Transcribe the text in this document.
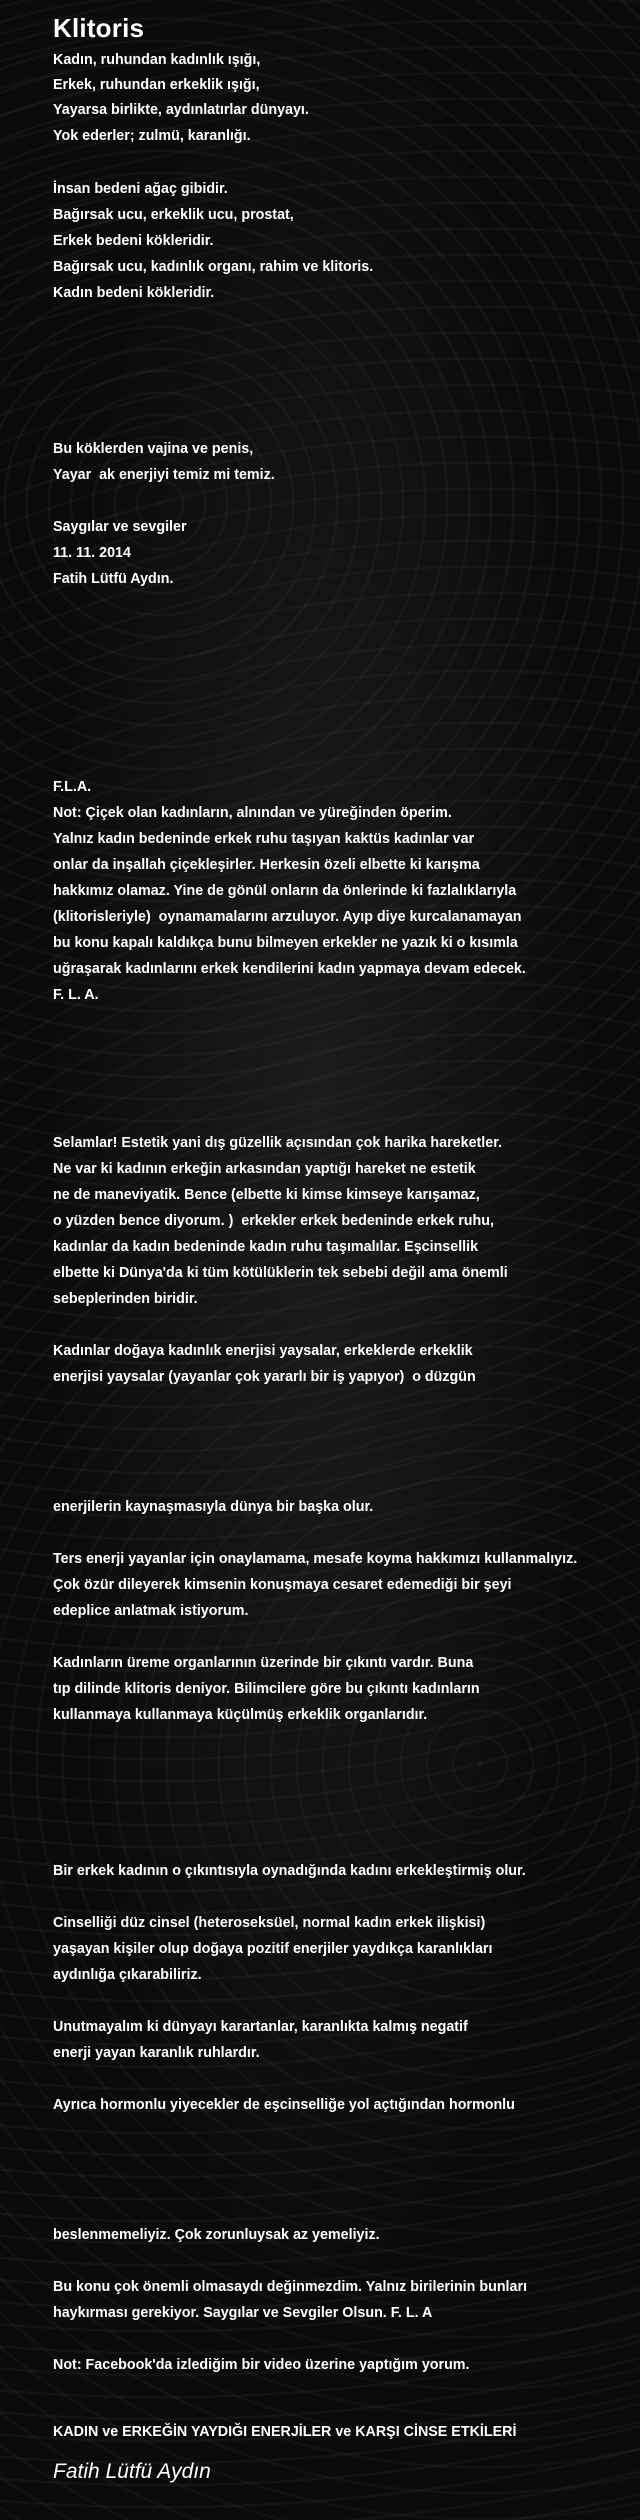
Klitoris
Kadın, ruhundan kadınlık ışığı,
Erkek, ruhundan erkeklik ışığı,
Yayarsa birlikte, aydınlatırlar dünyayı.
Yok ederler; zulmü, karanlığı.
İnsan bedeni ağaç gibidir.
Bağırsak ucu, erkeklik ucu, prostat,
Erkek bedeni kökleridir.
Bağırsak ucu, kadınlık organı, rahim ve klitoris.
Kadın bedeni kökleridir.
Bu köklerden vajina ve penis,
Yayar  ak enerjiyi temiz mi temiz.
Saygılar ve sevgiler
11. 11. 2014
Fatih Lütfü Aydın.
F.L.A.
Not: Çiçek olan kadınların, alnından ve yüreğinden öperim.
Yalnız kadın bedeninde erkek ruhu taşıyan kaktüs kadınlar var
onlar da inşallah çiçekleşirler. Herkesin özeli elbette ki karışma
hakkımız olamaz. Yine de gönül onların da önlerinde ki fazlalıklarıyla
(klitorisleriyle)  oynamamalarını arzuluyor. Ayıp diye kurcalanamayan
bu konu kapalı kaldıkça bunu bilmeyen erkekler ne yazık ki o kısımla
uğraşarak kadınlarını erkek kendilerini kadın yapmaya devam edecek.
F. L. A.
Selamlar! Estetik yani dış güzellik açısından çok harika hareketler.
Ne var ki kadının erkeğin arkasından yaptığı hareket ne estetik
ne de maneviyatik. Bence (elbette ki kimse kimseye karışamaz,
o yüzden bence diyorum. )  erkekler erkek bedeninde erkek ruhu,
kadınlar da kadın bedeninde kadın ruhu taşımalılar. Eşcinsellik
elbette ki Dünya'da ki tüm kötülüklerin tek sebebi değil ama önemli
sebeplerinden biridir.
Kadınlar doğaya kadınlık enerjisi yaysalar, erkeklerde erkeklik
enerjisi yaysalar (yayanlar çok yararlı bir iş yapıyor)  o düzgün
enerjilerin kaynaşmasıyla dünya bir başka olur.
Ters enerji yayanlar için onaylamama, mesafe koyma hakkımızı kullanmalıyız.
Çok özür dileyerek kimsenin konuşmaya cesaret edemediği bir şeyi
edeplice anlatmak istiyorum.
Kadınların üreme organlarının üzerinde bir çıkıntı vardır. Buna
tıp dilinde klitoris deniyor. Bilimcilere göre bu çıkıntı kadınların
kullanmaya kullanmaya küçülmüş erkeklik organlarıdır.
Bir erkek kadının o çıkıntısıyla oynadığında kadını erkekleştirmiş olur.
Cinselliği düz cinsel (heteroseksüel, normal kadın erkek ilişkisi)
yaşayan kişiler olup doğaya pozitif enerjiler yaydıkça karanlıkları
aydınlığa çıkarabiliriz.
Unutmayalım ki dünyayı karartanlar, karanlıkta kalmış negatif
enerji yayan karanlık ruhlardır.
Ayrıca hormonlu yiyecekler de eşcinselliğe yol açtığından hormonlu
beslenmemeliyiz. Çok zorunluysak az yemeliyiz.
Bu konu çok önemli olmasaydı değinmezdim. Yalnız birilerinin bunları
haykırması gerekiyor. Saygılar ve Sevgiler Olsun. F. L. A
Not: Facebook'da izlediğim bir video üzerine yaptığım yorum.
KADIN ve ERKEĞİN YAYDIĞI ENERJİLER ve KARŞI CİNSE ETKİLERİ
Fatih Lütfü Aydın
